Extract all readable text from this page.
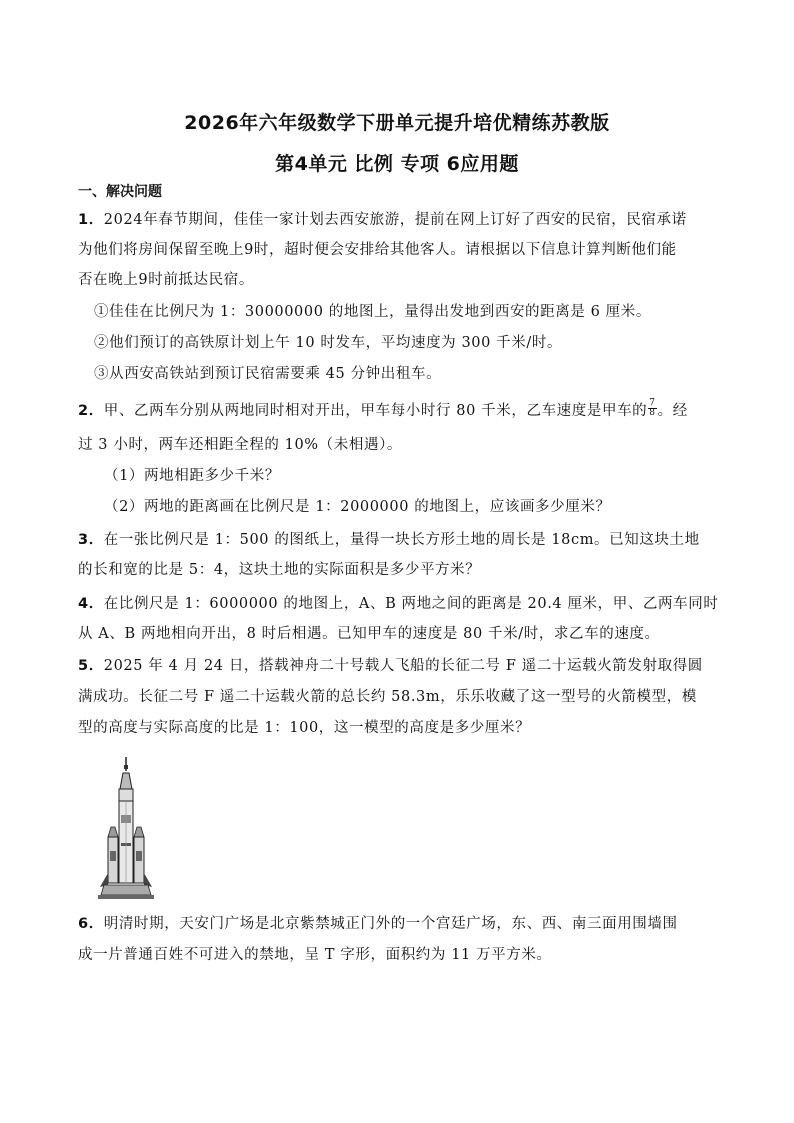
2026年六年级数学下册单元提升培优精练苏教版
第4单元 比例 专项 6应用题
一、解决问题
1．2024年春节期间，佳佳一家计划去西安旅游，提前在网上订好了西安的民宿，民宿承诺
为他们将房间保留至晚上9时，超时便会安排给其他客人。请根据以下信息计算判断他们能
否在晚上9时前抵达民宿。
①佳佳在比例尺为 1：30000000 的地图上，量得出发地到西安的距离是 6 厘米。
②他们预订的高铁原计划上午 10 时发车，平均速度为 300 千米/时。
③从西安高铁站到预订民宿需要乘 45 分钟出租车。
2．甲、乙两车分别从两地同时相对开出，甲车每小时行 80 千米，乙车速度是甲车的 $\frac{7}{8}$ 。经
过 3 小时，两车还相距全程的 10%（未相遇）。
（1）两地相距多少千米？
（2）两地的距离画在比例尺是 1：2000000 的地图上，应该画多少厘米？
3．在一张比例尺是 1：500 的图纸上，量得一块长方形土地的周长是 18cm。已知这块土地
的长和宽的比是 5：4，这块土地的实际面积是多少平方米？
4．在比例尺是 1：6000000 的地图上，A、B 两地之间的距离是 20.4 厘米，甲、乙两车同时
从 A、B 两地相向开出，8 时后相遇。已知甲车的速度是 80 千米/时，求乙车的速度。
5．2025 年 4 月 24 日，搭载神舟二十号载人飞船的长征二号 F 遥二十运载火箭发射取得圆
满成功。长征二号 F 遥二十运载火箭的总长约 58.3m，乐乐收藏了这一型号的火箭模型，模
型的高度与实际高度的比是 1：100，这一模型的高度是多少厘米？
6．明清时期，天安门广场是北京紫禁城正门外的一个宫廷广场，东、西、南三面用围墙围
成一片普通百姓不可进入的禁地，呈 T 字形，面积约为 11 万平方米。
